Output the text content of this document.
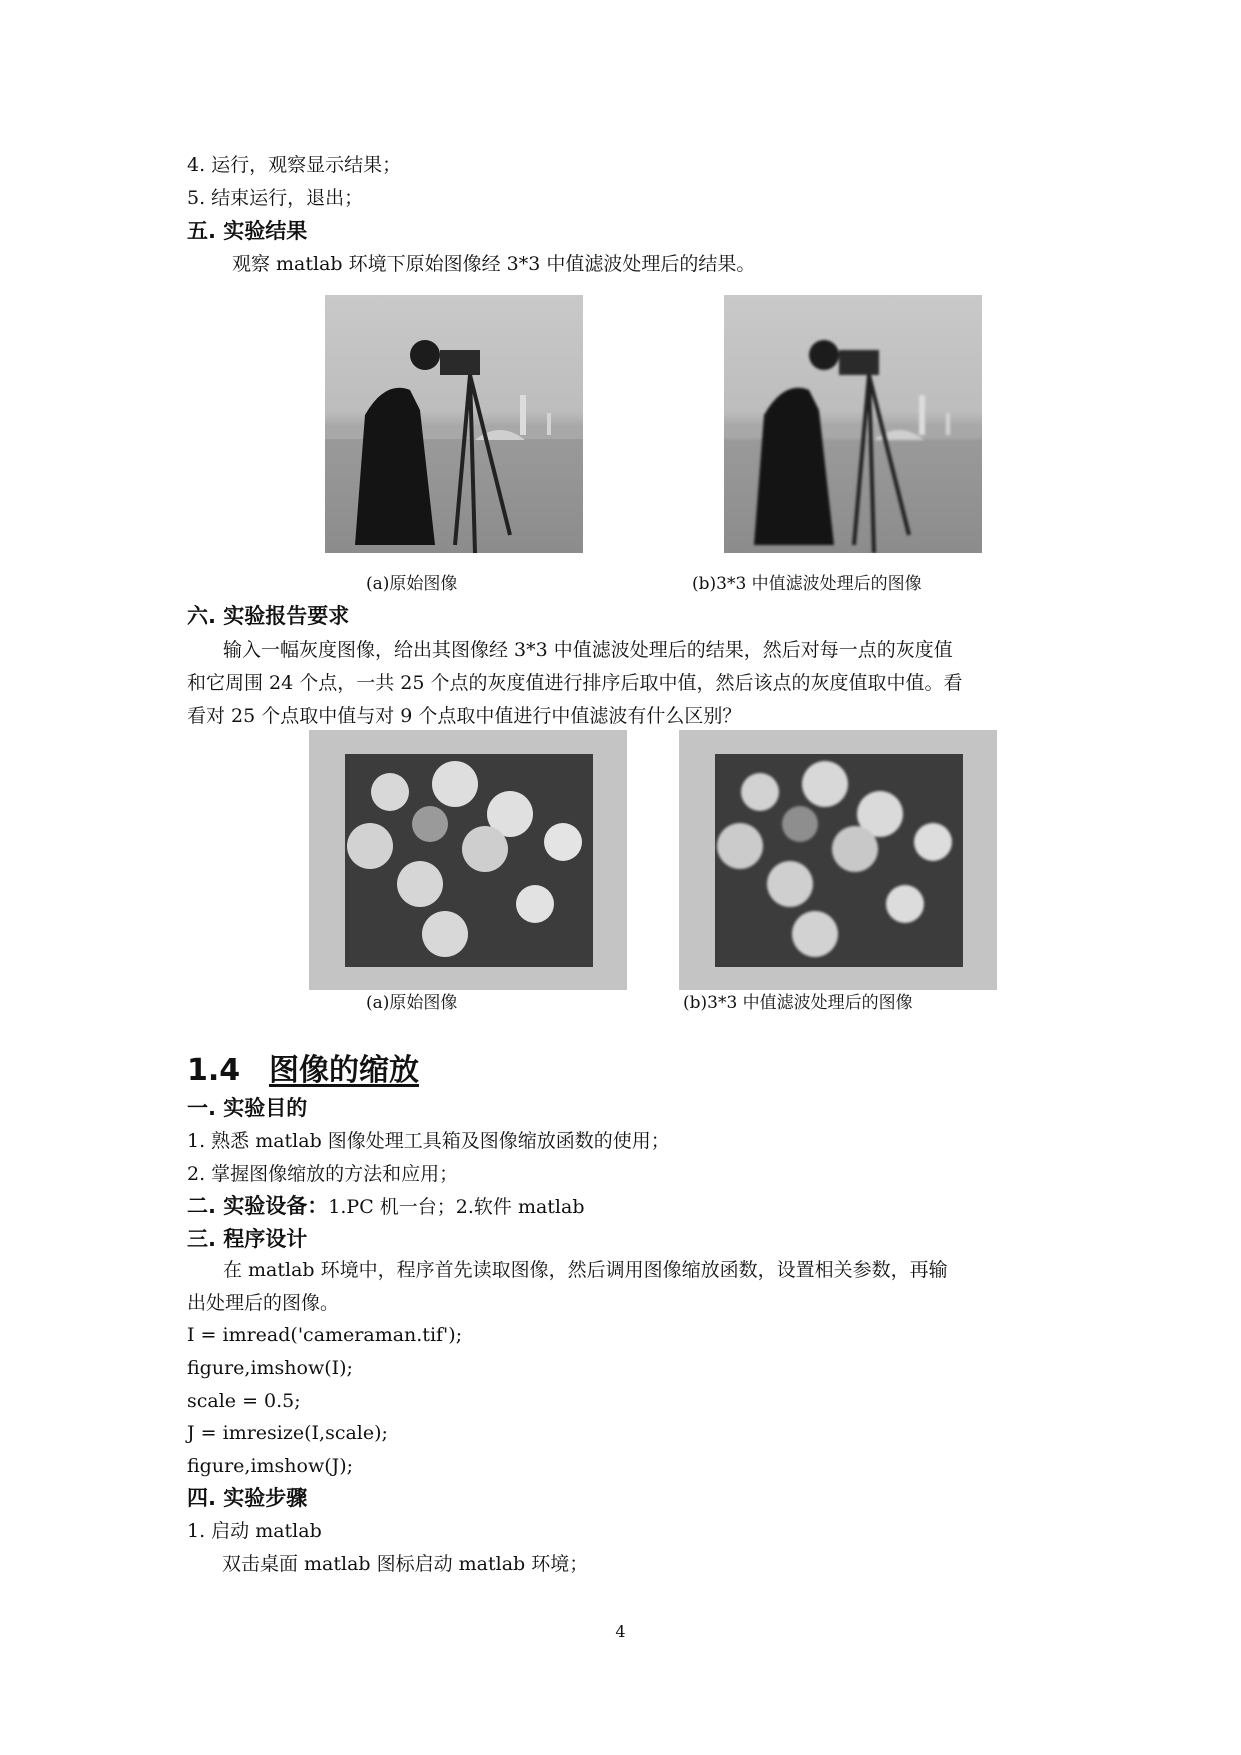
4. 运行，观察显示结果；
5. 结束运行，退出；
五. 实验结果
观察 matlab 环境下原始图像经 3*3 中值滤波处理后的结果。
(a)原始图像	(b)3*3 中值滤波处理后的图像
六. 实验报告要求
输入一幅灰度图像，给出其图像经 3*3 中值滤波处理后的结果，然后对每一点的灰度值
和它周围 24 个点，一共 25 个点的灰度值进行排序后取中值，然后该点的灰度值取中值。看
看对 25 个点取中值与对 9 个点取中值进行中值滤波有什么区别？
(a)原始图像	(b)3*3 中值滤波处理后的图像
1.4 图像的缩放
一. 实验目的
1. 熟悉 matlab 图像处理工具箱及图像缩放函数的使用；
2. 掌握图像缩放的方法和应用；
二. 实验设备：1.PC 机一台；2.软件 matlab
三. 程序设计
在 matlab 环境中，程序首先读取图像，然后调用图像缩放函数，设置相关参数，再输
出处理后的图像。
I = imread('cameraman.tif');
figure,imshow(I);
scale = 0.5;
J = imresize(I,scale);
figure,imshow(J);
四. 实验步骤
1. 启动 matlab
双击桌面 matlab 图标启动 matlab 环境；
4
